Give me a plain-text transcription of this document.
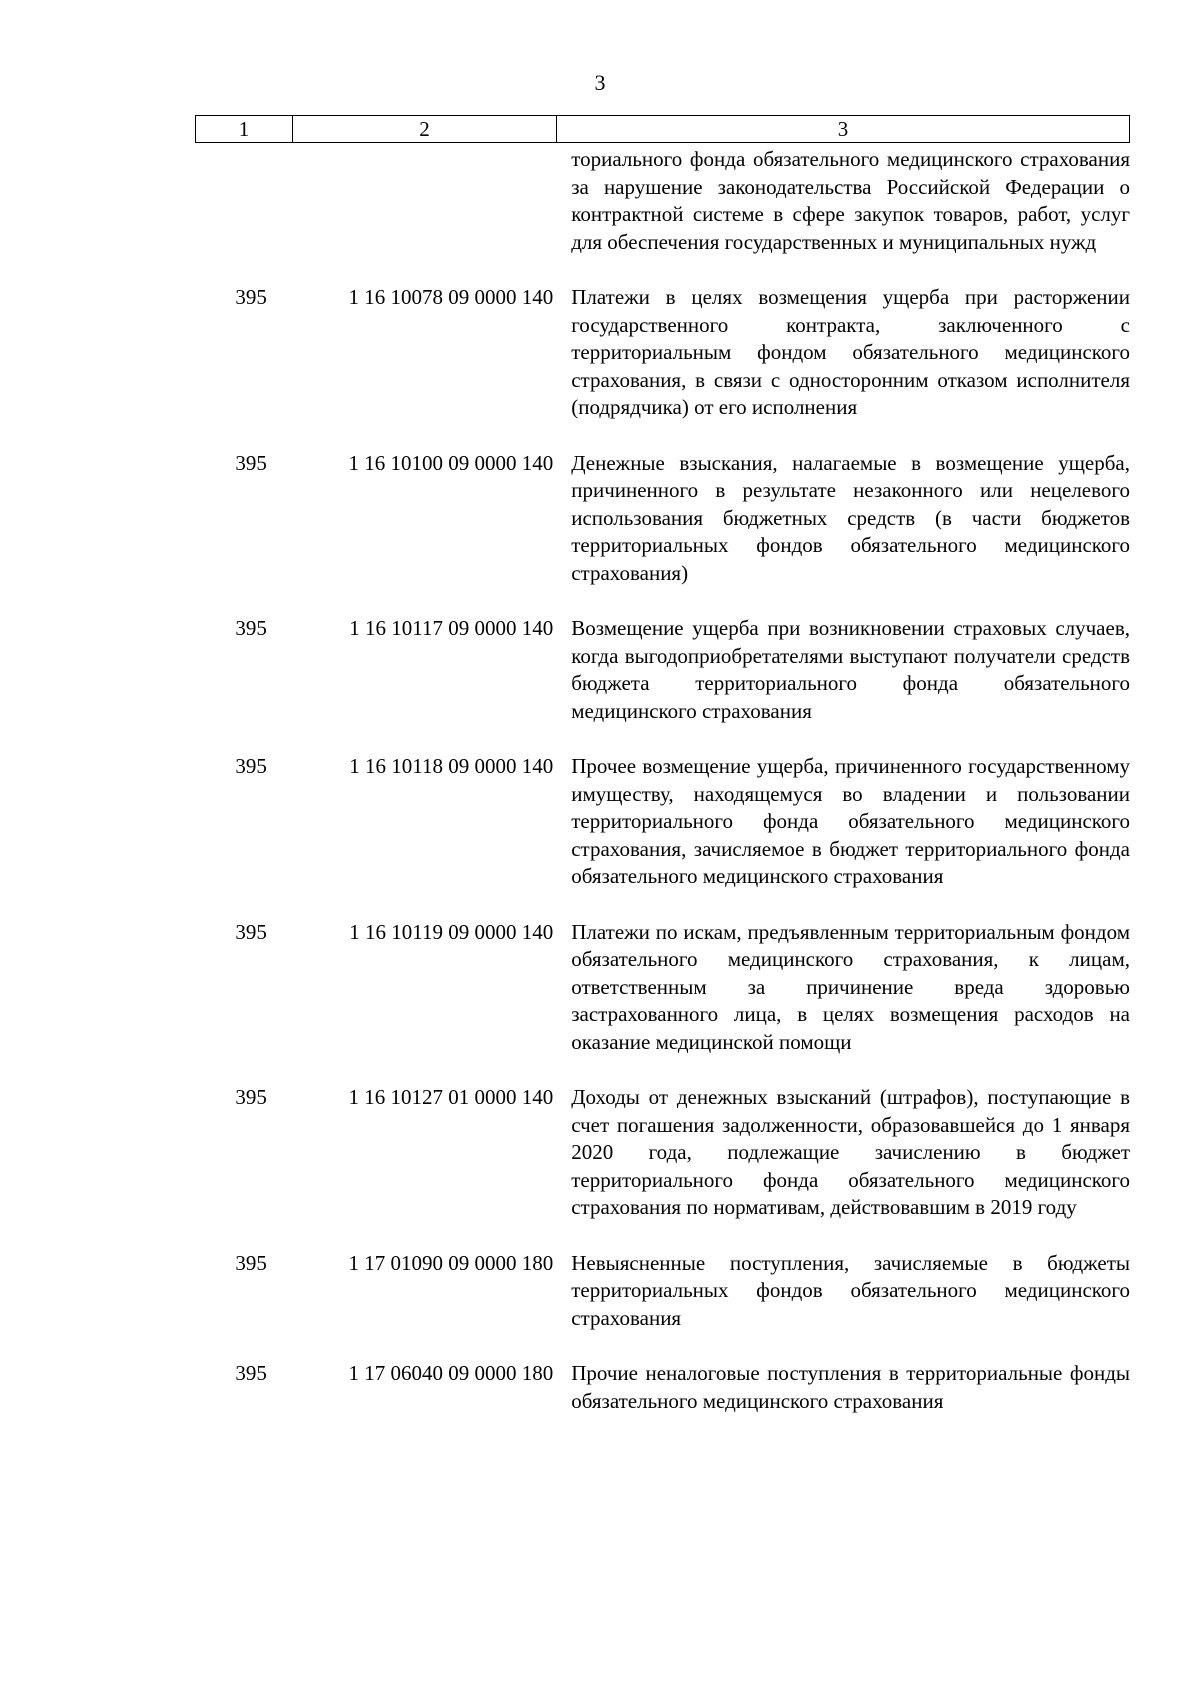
3
1	2	3
ториального фонда обязательного медицинского страхования за нарушение законодательства Российской Федерации о контрактной системе в сфере закупок товаров, работ, услуг для обеспечения государственных и муниципальных нужд
395	1 16 10078 09 0000 140 Платежи в целях возмещения ущерба при расторжении государственного контракта, заключенного с территориальным фондом обязательного медицинского страхования, в связи с односторонним отказом исполнителя (подрядчика) от его исполнения
395	1 16 10100 09 0000 140 Денежные взыскания, налагаемые в возмещение ущерба, причиненного в результате незаконного или нецелевого использования бюджетных средств (в части бюджетов территориальных фондов обязательного медицинского страхования)
395	1 16 10117 09 0000 140 Возмещение ущерба при возникновении страховых случаев, когда выгодоприобретателями выступают получатели средств бюджета территориального фонда обязательного медицинского страхования
395	1 16 10118 09 0000 140 Прочее возмещение ущерба, причиненного государственному имуществу, находящемуся во владении и пользовании территориального фонда обязательного медицинского страхования, зачисляемое в бюджет территориального фонда обязательного медицинского страхования
395	1 16 10119 09 0000 140 Платежи по искам, предъявленным территориальным фондом обязательного медицинского страхования, к лицам, ответственным за причинение вреда здоровью застрахованного лица, в целях возмещения расходов на оказание медицинской помощи
395	1 16 10127 01 0000 140 Доходы от денежных взысканий (штрафов), поступающие в счет погашения задолженности, образовавшейся до 1 января 2020 года, подлежащие зачислению в бюджет территориального фонда обязательного медицинского страхования по нормативам, действовавшим в 2019 году
395	1 17 01090 09 0000 180 Невыясненные поступления, зачисляемые в бюджеты территориальных фондов обязательного медицинского страхования
395	1 17 06040 09 0000 180 Прочие неналоговые поступления в территориальные фонды обязательного медицинского страхования
